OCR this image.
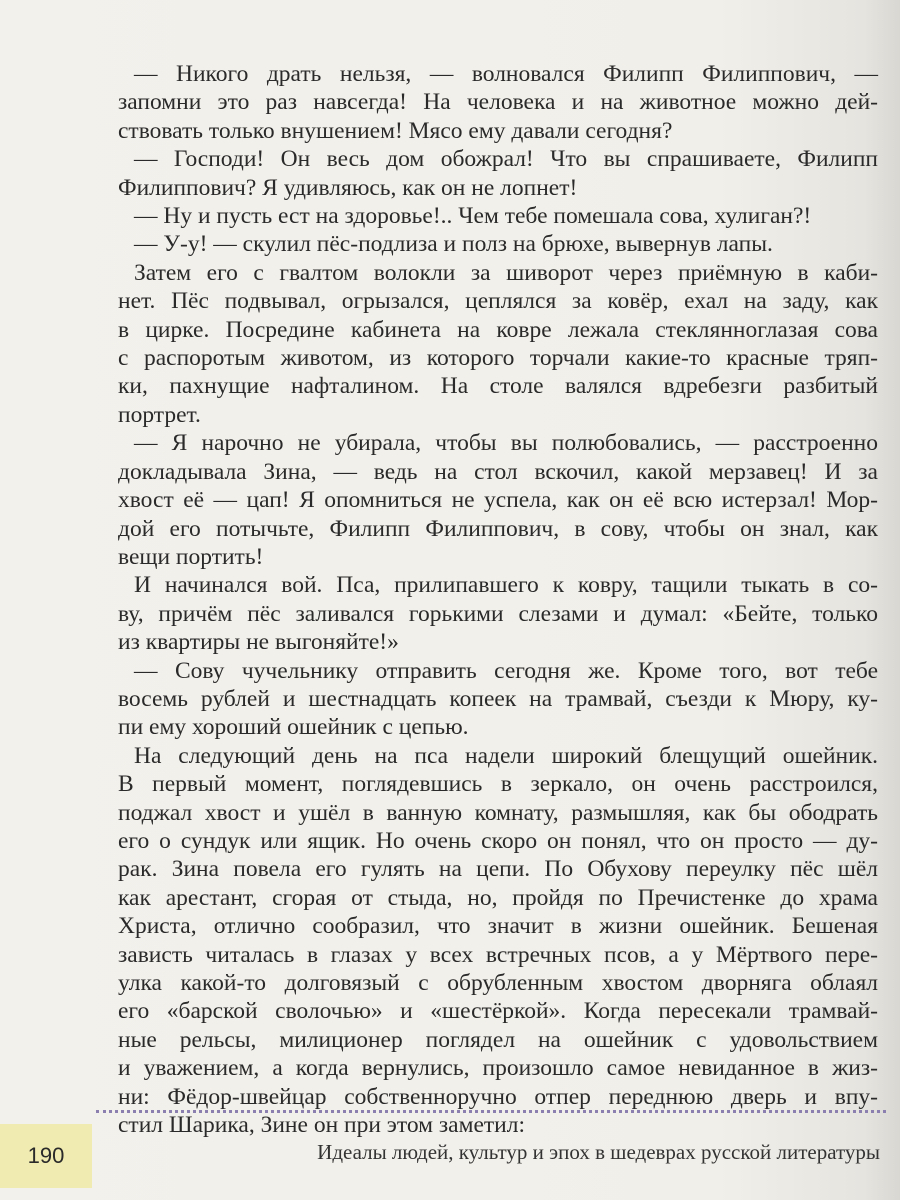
— Никого драть нельзя, — волновался Филипп Филиппович, —
запомни это раз навсегда! На человека и на животное можно дей-
ствовать только внушением! Мясо ему давали сегодня?
— Господи! Он весь дом обожрал! Что вы спрашиваете, Филипп
Филиппович? Я удивляюсь, как он не лопнет!
— Ну и пусть ест на здоровье!.. Чем тебе помешала сова, хулиган?!
— У-у! — скулил пёс-подлиза и полз на брюхе, вывернув лапы.
Затем его с гвалтом волокли за шиворот через приёмную в каби-
нет. Пёс подвывал, огрызался, цеплялся за ковёр, ехал на заду, как
в цирке. Посредине кабинета на ковре лежала стеклянноглазая сова
с распоротым животом, из которого торчали какие-то красные тряп-
ки, пахнущие нафталином. На столе валялся вдребезги разбитый
портрет.
— Я нарочно не убирала, чтобы вы полюбовались, — расстроенно
докладывала Зина, — ведь на стол вскочил, какой мерзавец! И за
хвост её — цап! Я опомниться не успела, как он её всю истерзал! Мор-
дой его потычьте, Филипп Филиппович, в сову, чтобы он знал, как
вещи портить!
И начинался вой. Пса, прилипавшего к ковру, тащили тыкать в со-
ву, причём пёс заливался горькими слезами и думал: «Бейте, только
из квартиры не выгоняйте!»
— Сову чучельнику отправить сегодня же. Кроме того, вот тебе
восемь рублей и шестнадцать копеек на трамвай, съезди к Мюру, ку-
пи ему хороший ошейник с цепью.
На следующий день на пса надели широкий блещущий ошейник.
В первый момент, поглядевшись в зеркало, он очень расстроился,
поджал хвост и ушёл в ванную комнату, размышляя, как бы ободрать
его о сундук или ящик. Но очень скоро он понял, что он просто — ду-
рак. Зина повела его гулять на цепи. По Обухову переулку пёс шёл
как арестант, сгорая от стыда, но, пройдя по Пречистенке до храма
Христа, отлично сообразил, что значит в жизни ошейник. Бешеная
зависть читалась в глазах у всех встречных псов, а у Мёртвого пере-
улка какой-то долговязый с обрубленным хвостом дворняга облаял
его «барской сволочью» и «шестёркой». Когда пересекали трамвай-
ные рельсы, милиционер поглядел на ошейник с удовольствием
и уважением, а когда вернулись, произошло самое невиданное в жиз-
ни: Фёдор-швейцар собственноручно отпер переднюю дверь и впу-
стил Шарика, Зине он при этом заметил:
190	Идеалы людей, культур и эпох в шедеврах русской литературы
